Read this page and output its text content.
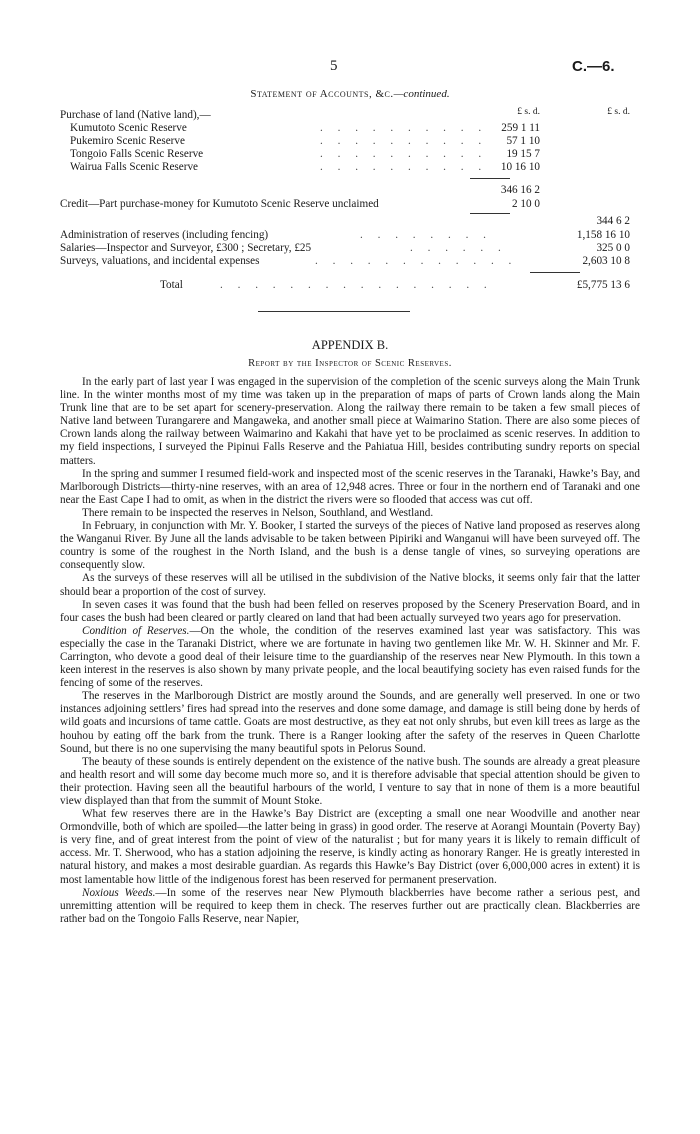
5	C.—6.
Statement of Accounts, &c.—continued.
£ s. d.	£ s. d.
Purchase of land (Native land),—
Kumutoto Scenic Reserve	. . . . . . . . . .	259 1 11
Pukemiro Scenic Reserve	. . . . . . . . . .	57 1 10
Tongoio Falls Scenic Reserve	. . . . . . . . . .	19 15 7
Wairua Falls Scenic Reserve	. . . . . . . . . .	10 16 10
346 16 2
Credit—Part purchase-money for Kumutoto Scenic Reserve unclaimed	2 10 0
344 6 2
Administration of reserves (including fencing)	. . . . . . . .	1,158 16 10
Salaries—Inspector and Surveyor, £300 ; Secretary, £25	. . . . . .	325 0 0
Surveys, valuations, and incidental expenses	. . . . . . . . . . . .	2,603 10 8
Total	. . . . . . . . . . . . . . . .	£5,775 13 6
APPENDIX B.
Report by the Inspector of Scenic Reserves.

In the early part of last year I was engaged in the supervision of the completion of the scenic surveys along the Main Trunk line. In the winter months most of my time was taken up in the preparation of maps of parts of Crown lands along the Main Trunk line that are to be set apart for scenery-preservation. Along the railway there remain to be taken a few small pieces of Native land between Turangarere and Mangaweka, and another small piece at Waimarino Station. There are also some pieces of Crown lands along the railway between Waimarino and Kakahi that have yet to be proclaimed as scenic reserves. In addition to my field inspections, I surveyed the Pipinui Falls Reserve and the Pahiatua Hill, besides contributing sundry reports on special matters.

In the spring and summer I resumed field-work and inspected most of the scenic reserves in the Taranaki, Hawke’s Bay, and Marlborough Districts—thirty-nine reserves, with an area of 12,948 acres. Three or four in the northern end of Taranaki and one near the East Cape I had to omit, as when in the district the rivers were so flooded that access was cut off.

There remain to be inspected the reserves in Nelson, Southland, and Westland.

In February, in conjunction with Mr. Y. Booker, I started the surveys of the pieces of Native land proposed as reserves along the Wanganui River. By June all the lands advisable to be taken between Pipiriki and Wanganui will have been surveyed off. The country is some of the roughest in the North Island, and the bush is a dense tangle of vines, so surveying operations are consequently slow.

As the surveys of these reserves will all be utilised in the subdivision of the Native blocks, it seems only fair that the latter should bear a proportion of the cost of survey.

In seven cases it was found that the bush had been felled on reserves proposed by the Scenery Preservation Board, and in four cases the bush had been cleared or partly cleared on land that had been actually surveyed two years ago for preservation.

Condition of Reserves.—On the whole, the condition of the reserves examined last year was satisfactory. This was especially the case in the Taranaki District, where we are fortunate in having two gentlemen like Mr. W. H. Skinner and Mr. F. Carrington, who devote a good deal of their leisure time to the guardianship of the reserves near New Plymouth. In this town a keen interest in the reserves is also shown by many private people, and the local beautifying society has even raised funds for the fencing of some of the reserves.

The reserves in the Marlborough District are mostly around the Sounds, and are generally well preserved. In one or two instances adjoining settlers’ fires had spread into the reserves and done some damage, and damage is still being done by herds of wild goats and incursions of tame cattle. Goats are most destructive, as they eat not only shrubs, but even kill trees as large as the houhou by eating off the bark from the trunk. There is a Ranger looking after the safety of the reserves in Queen Charlotte Sound, but there is no one supervising the many beautiful spots in Pelorus Sound.

The beauty of these sounds is entirely dependent on the existence of the native bush. The sounds are already a great pleasure and health resort and will some day become much more so, and it is therefore advisable that special attention should be given to their protection. Having seen all the beautiful harbours of the world, I venture to say that in none of them is a more beautiful view displayed than that from the summit of Mount Stoke.

What few reserves there are in the Hawke’s Bay District are (excepting a small one near Woodville and another near Ormondville, both of which are spoiled—the latter being in grass) in good order. The reserve at Aorangi Mountain (Poverty Bay) is very fine, and of great interest from the point of view of the naturalist ; but for many years it is likely to remain difficult of access. Mr. T. Sherwood, who has a station adjoining the reserve, is kindly acting as honorary Ranger. He is greatly interested in natural history, and makes a most desirable guardian. As regards this Hawke’s Bay District (over 6,000,000 acres in extent) it is most lamentable how little of the indigenous forest has been reserved for permanent preservation.

Noxious Weeds.—In some of the reserves near New Plymouth blackberries have become rather a serious pest, and unremitting attention will be required to keep them in check. The reserves further out are practically clean. Blackberries are rather bad on the Tongoio Falls Reserve, near Napier,
